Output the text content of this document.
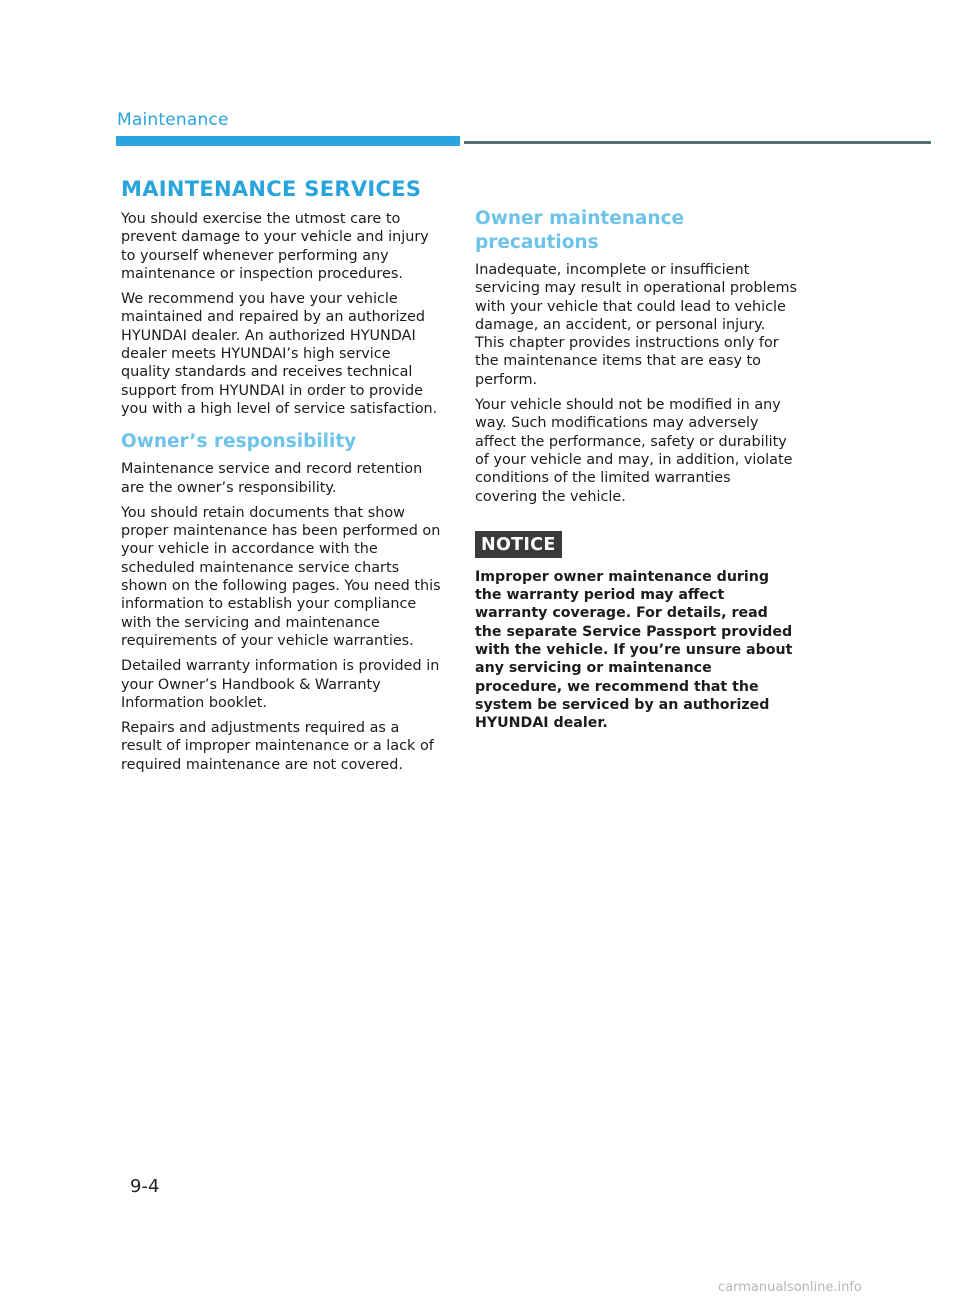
Maintenance
MAINTENANCE SERVICES

You should exercise the utmost care to prevent damage to your vehicle and injury to yourself whenever performing any maintenance or inspection procedures.

We recommend you have your vehicle maintained and repaired by an authorized HYUNDAI dealer. An authorized HYUNDAI dealer meets HYUNDAI’s high service quality standards and receives technical support from HYUNDAI in order to provide you with a high level of service satisfaction.

Owner’s responsibility

Maintenance service and record retention are the owner’s responsibility.

You should retain documents that show proper maintenance has been performed on your vehicle in accordance with the scheduled maintenance service charts shown on the following pages. You need this information to establish your compliance with the servicing and maintenance requirements of your vehicle warranties.

Detailed warranty information is provided in your Owner’s Handbook & Warranty Information booklet.

Repairs and adjustments required as a result of improper maintenance or a lack of required maintenance are not covered.

Owner maintenance precautions

Inadequate, incomplete or insufficient servicing may result in operational problems with your vehicle that could lead to vehicle damage, an accident, or personal injury. This chapter provides instructions only for the maintenance items that are easy to perform.

Your vehicle should not be modified in any way. Such modifications may adversely affect the performance, safety or durability of your vehicle and may, in addition, violate conditions of the limited warranties covering the vehicle.

NOTICE

Improper owner maintenance during the warranty period may affect warranty coverage. For details, read the separate Service Passport provided with the vehicle. If you’re unsure about any servicing or maintenance procedure, we recommend that the system be serviced by an authorized HYUNDAI dealer.

9-4
carmanualsonline.info
